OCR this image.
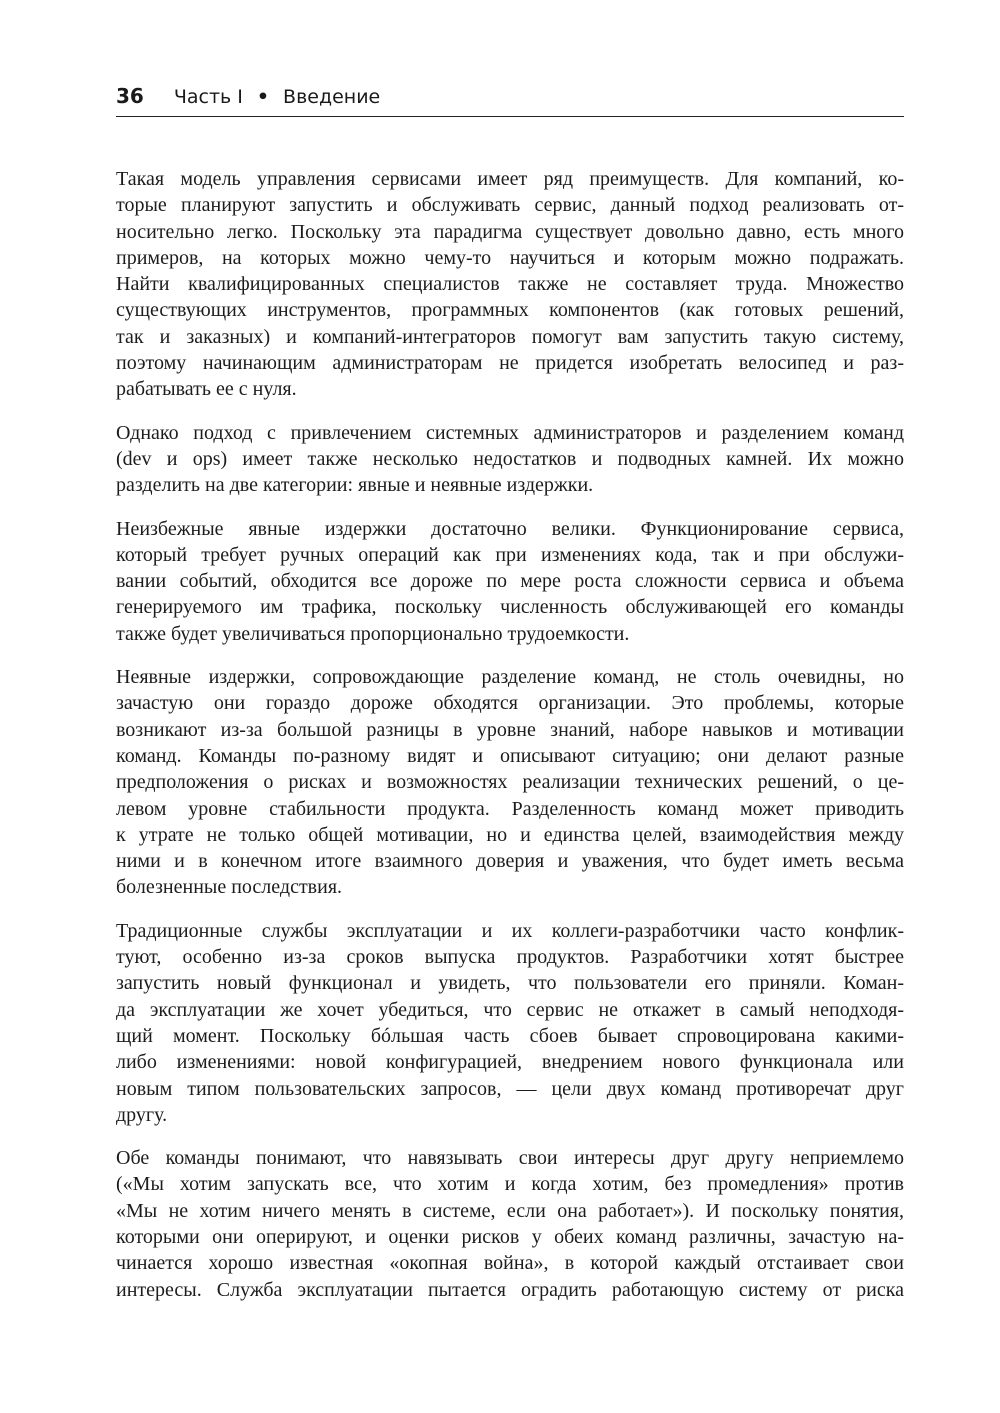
36 Часть I • Введение

Такая модель управления сервисами имеет ряд преимуществ. Для компаний, ко-
торые планируют запустить и обслуживать сервис, данный подход реализовать от-
носительно легко. Поскольку эта парадигма существует довольно давно, есть много
примеров, на которых можно чему-то научиться и которым можно подражать.
Найти квалифицированных специалистов также не составляет труда. Множество
существующих инструментов, программных компонентов (как готовых решений,
так и заказных) и компаний-интеграторов помогут вам запустить такую систему,
поэтому начинающим администраторам не придется изобретать велосипед и раз-
рабатывать ее с нуля.

Однако подход с привлечением системных администраторов и разделением команд
(dev и ops) имеет также несколько недостатков и подводных камней. Их можно
разделить на две категории: явные и неявные издержки.

Неизбежные явные издержки достаточно велики. Функционирование сервиса,
который требует ручных операций как при изменениях кода, так и при обслужи-
вании событий, обходится все дороже по мере роста сложности сервиса и объема
генерируемого им трафика, поскольку численность обслуживающей его команды
также будет увеличиваться пропорционально трудоемкости.

Неявные издержки, сопровождающие разделение команд, не столь очевидны, но
зачастую они гораздо дороже обходятся организации. Это проблемы, которые
возникают из-за большой разницы в уровне знаний, наборе навыков и мотивации
команд. Команды по-разному видят и описывают ситуацию; они делают разные
предположения о рисках и возможностях реализации технических решений, о це-
левом уровне стабильности продукта. Разделенность команд может приводить
к утрате не только общей мотивации, но и единства целей, взаимодействия между
ними и в конечном итоге взаимного доверия и уважения, что будет иметь весьма
болезненные последствия.

Традиционные службы эксплуатации и их коллеги-разработчики часто конфлик-
туют, особенно из-за сроков выпуска продуктов. Разработчики хотят быстрее
запустить новый функционал и увидеть, что пользователи его приняли. Коман-
да эксплуатации же хочет убедиться, что сервис не откажет в самый неподходя-
щий момент. Поскольку бóльшая часть сбоев бывает спровоцирована какими-
либо изменениями: новой конфигурацией, внедрением нового функционала или
новым типом пользовательских запросов, — цели двух команд противоречат друг
другу.

Обе команды понимают, что навязывать свои интересы друг другу неприемлемо
(«Мы хотим запускать все, что хотим и когда хотим, без промедления» против
«Мы не хотим ничего менять в системе, если она работает»). И поскольку понятия,
которыми они оперируют, и оценки рисков у обеих команд различны, зачастую на-
чинается хорошо известная «окопная война», в которой каждый отстаивает свои
интересы. Служба эксплуатации пытается оградить работающую систему от риска
